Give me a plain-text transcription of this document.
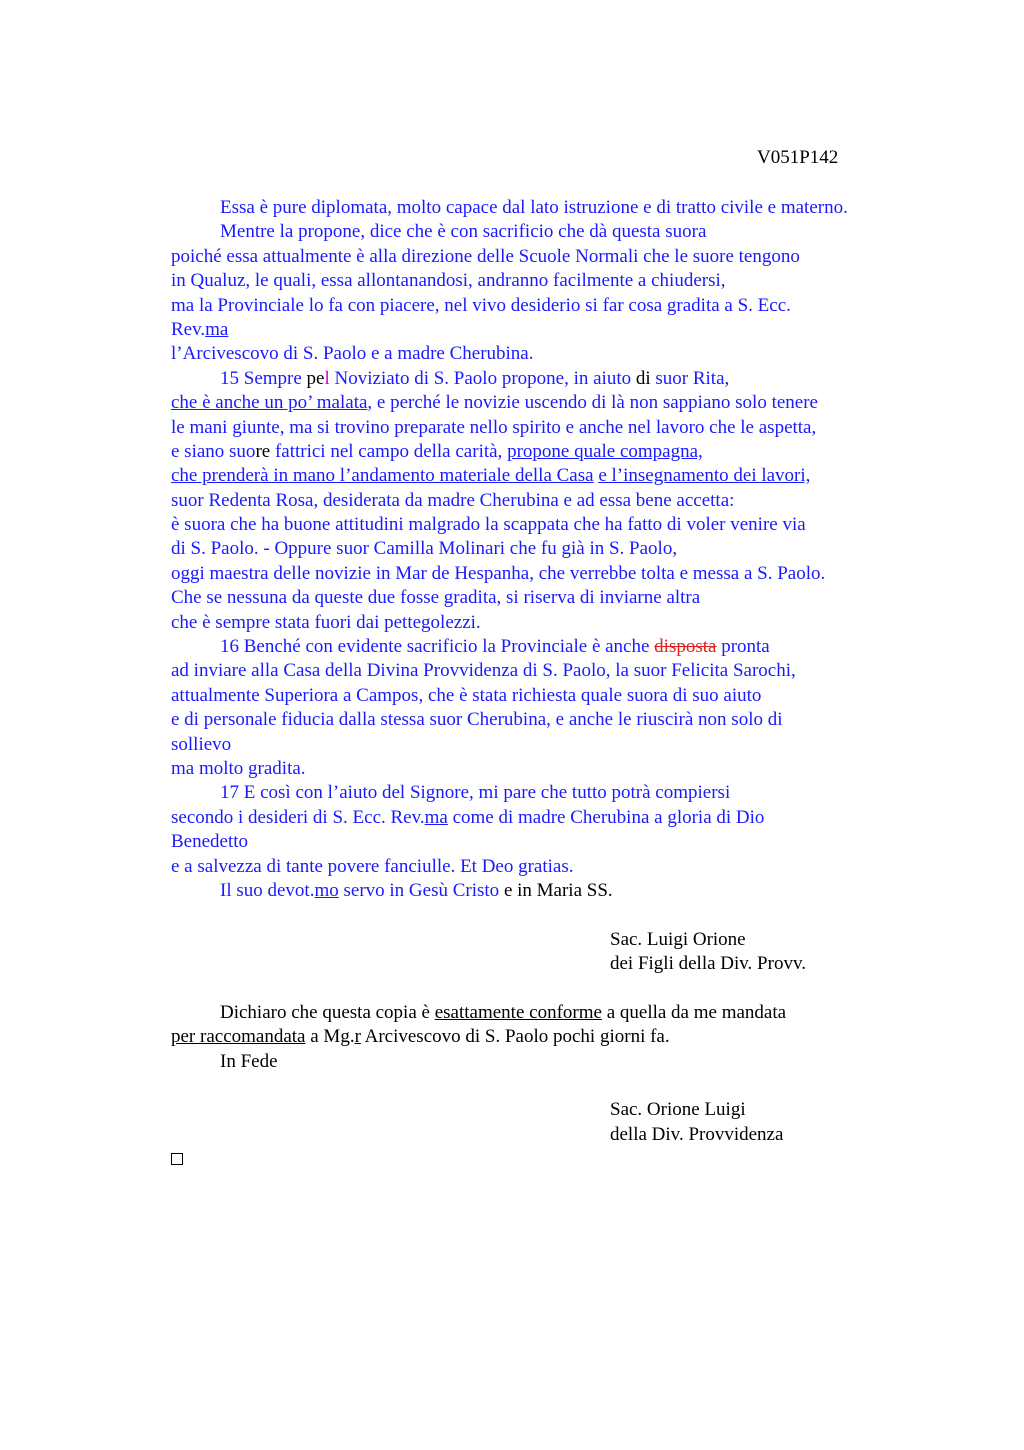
V051P142
Essa è pure diplomata, molto capace dal lato istruzione e di tratto civile e materno.
Mentre la propone, dice che è con sacrificio che dà questa suora
poiché essa attualmente è alla direzione delle Scuole Normali che le suore tengono
in Qualuz, le quali, essa allontanandosi, andranno facilmente a chiudersi,
ma la Provinciale lo fa con piacere, nel vivo desiderio si far cosa gradita a S. Ecc.
Rev.ma
l’Arcivescovo di S. Paolo e a madre Cherubina.
15 Sempre pel Noviziato di S. Paolo propone, in aiuto di suor Rita,
che è anche un po’ malata, e perché le novizie uscendo di là non sappiano solo tenere
le mani giunte, ma si trovino preparate nello spirito e anche nel lavoro che le aspetta,
e siano suore fattrici nel campo della carità, propone quale compagna,
che prenderà in mano l’andamento materiale della Casa e l’insegnamento dei lavori,
suor Redenta Rosa, desiderata da madre Cherubina e ad essa bene accetta:
è suora che ha buone attitudini malgrado la scappata che ha fatto di voler venire via
di S. Paolo. - Oppure suor Camilla Molinari che fu già in S. Paolo,
oggi maestra delle novizie in Mar de Hespanha, che verrebbe tolta e messa a S. Paolo.
Che se nessuna da queste due fosse gradita, si riserva di inviarne altra
che è sempre stata fuori dai pettegolezzi.
16 Benché con evidente sacrificio la Provinciale è anche disposta pronta
ad inviare alla Casa della Divina Provvidenza di S. Paolo, la suor Felicita Sarochi,
attualmente Superiora a Campos, che è stata richiesta quale suora di suo aiuto
e di personale fiducia dalla stessa suor Cherubina, e anche le riuscirà non solo di
sollievo
ma molto gradita.
17 E così con l’aiuto del Signore, mi pare che tutto potrà compiersi
secondo i desideri di S. Ecc. Rev.ma come di madre Cherubina a gloria di Dio
Benedetto
e a salvezza di tante povere fanciulle. Et Deo gratias.
Il suo devot.mo servo in Gesù Cristo e in Maria SS.
Sac. Luigi Orione
dei Figli della Div. Provv.
Dichiaro che questa copia è esattamente conforme a quella da me mandata
per raccomandata a Mg.r Arcivescovo di S. Paolo pochi giorni fa.
In Fede
Sac. Orione Luigi
della Div. Provvidenza
